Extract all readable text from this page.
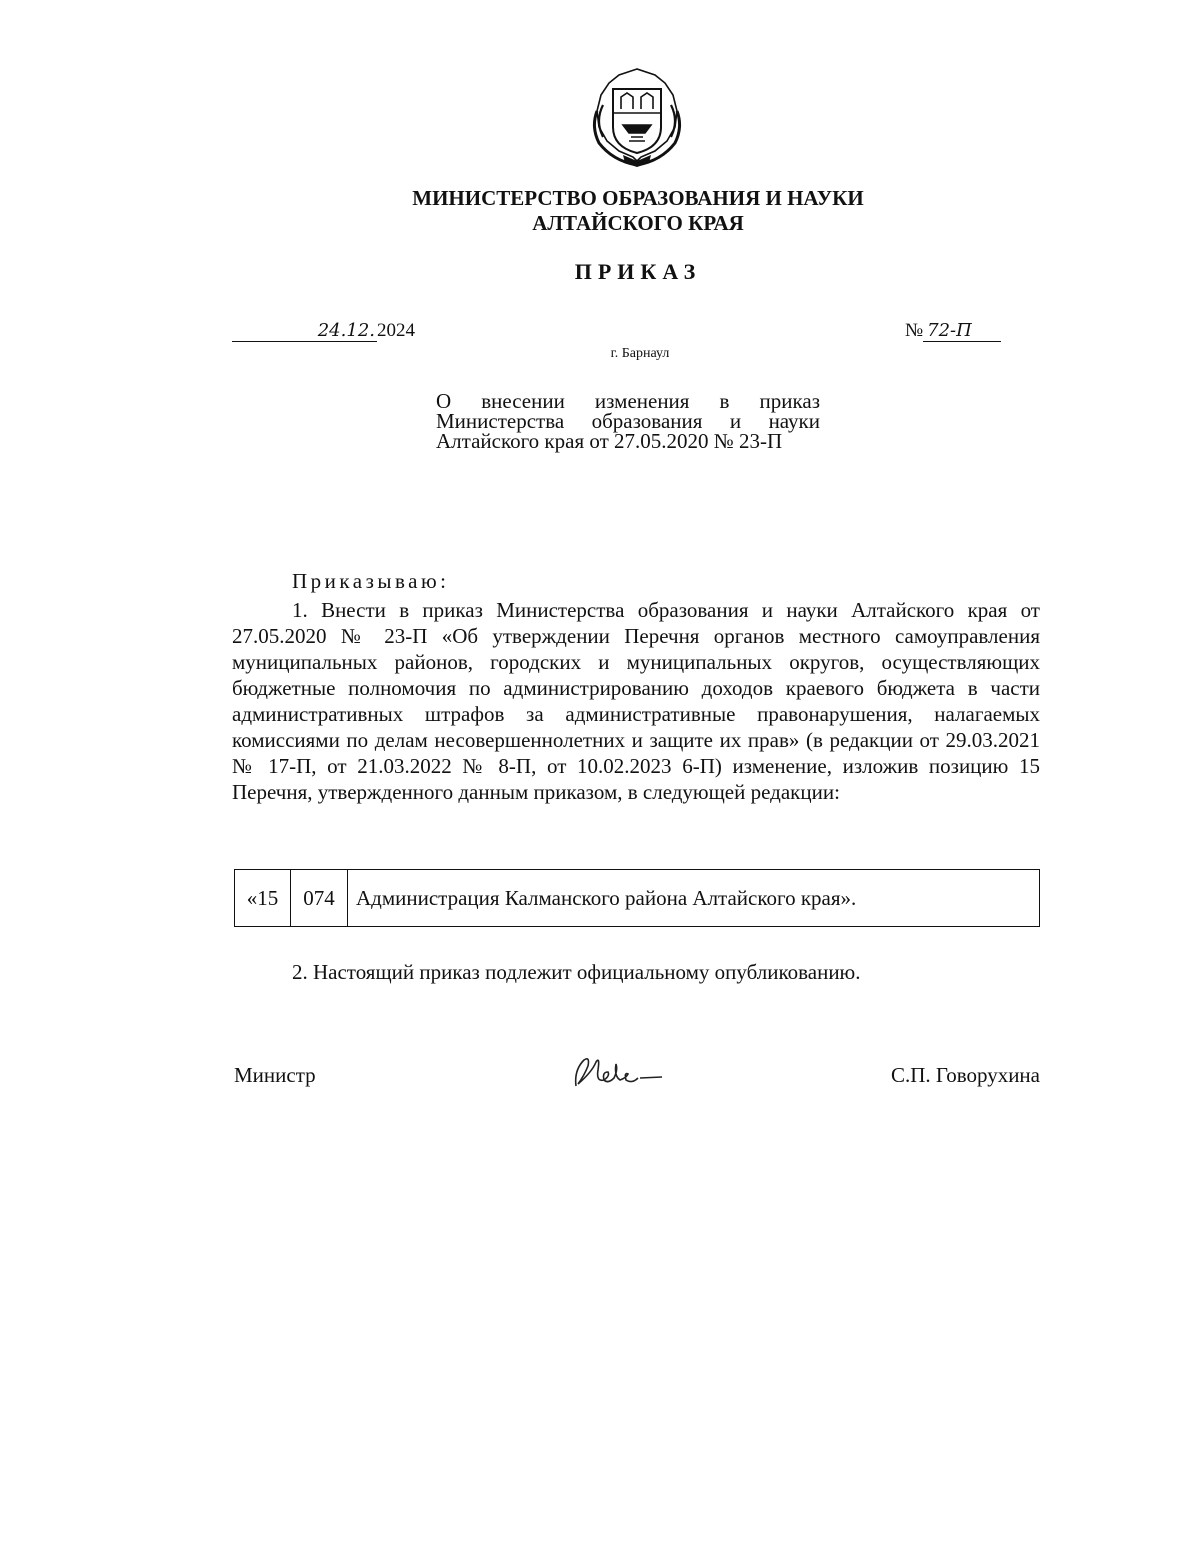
МИНИСТЕРСТВО ОБРАЗОВАНИЯ И НАУКИ
АЛТАЙСКОГО КРАЯ
ПРИКАЗ
24.12. 2024
г. Барнаул
№ 72-П
О внесении изменения в приказ Министерства образования и науки Алтайского края от 27.05.2020 № 23-П
Приказываю:
1. Внести в приказ Министерства образования и науки Алтайского края от 27.05.2020 № 23-П «Об утверждении Перечня органов местного самоуправления муниципальных районов, городских и муниципальных округов, осуществляющих бюджетные полномочия по администрированию доходов краевого бюджета в части административных штрафов за административные правонарушения, налагаемых комиссиями по делам несовершеннолетних и защите их прав» (в редакции от 29.03.2021 № 17-П, от 21.03.2022 № 8-П, от 10.02.2023 6-П) изменение, изложив позицию 15 Перечня, утвержденного данным приказом, в следующей редакции:
«15	074	Администрация Калманского района Алтайского края».
2. Настоящий приказ подлежит официальному опубликованию.
Министр	С.П. Говорухина
